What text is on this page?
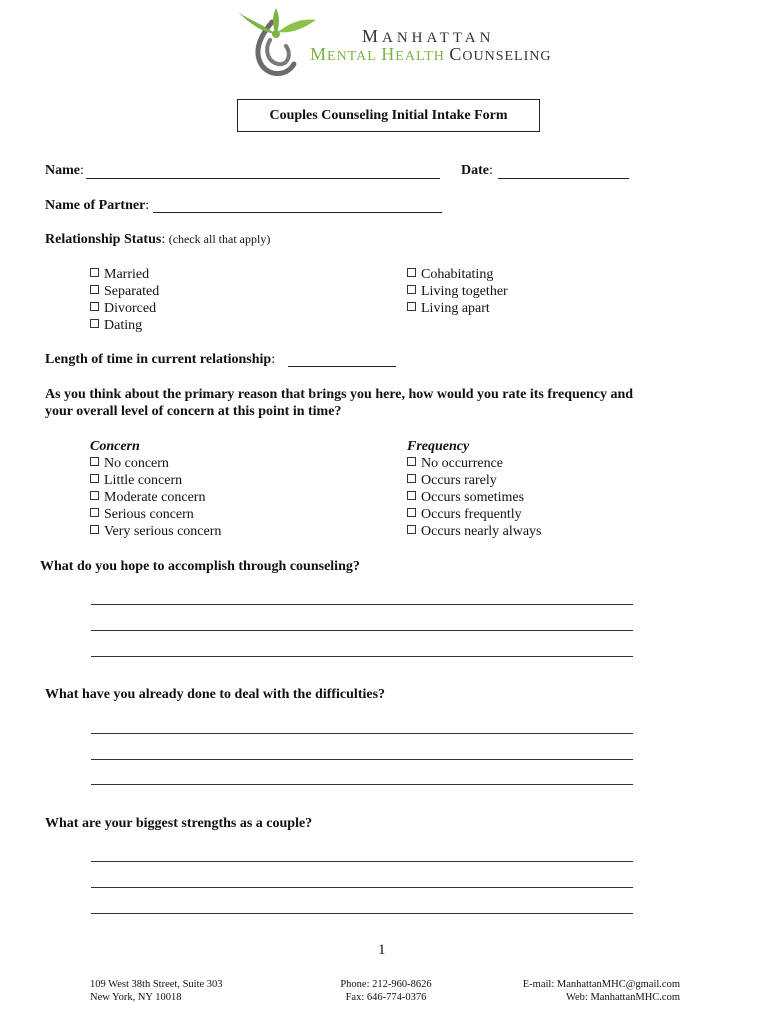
MANHATTAN
MENTAL HEALTH COUNSELING
Couples Counseling Initial Intake Form
Name:	Date:
Name of Partner:
Relationship Status: (check all that apply)
Married
Separated
Divorced
Dating
Cohabitating
Living together
Living apart
Length of time in current relationship:
As you think about the primary reason that brings you here, how would you rate its frequency and
your overall level of concern at this point in time?
Concern
No concern
Little concern
Moderate concern
Serious concern
Very serious concern
Frequency
No occurrence
Occurs rarely
Occurs sometimes
Occurs frequently
Occurs nearly always
What do you hope to accomplish through counseling?
What have you already done to deal with the difficulties?
What are your biggest strengths as a couple?
1
109 West 38th Street, Suite 303
New York, NY 10018
Phone: 212-960-8626
Fax: 646-774-0376
E-mail: ManhattanMHC@gmail.com
Web: ManhattanMHC.com
